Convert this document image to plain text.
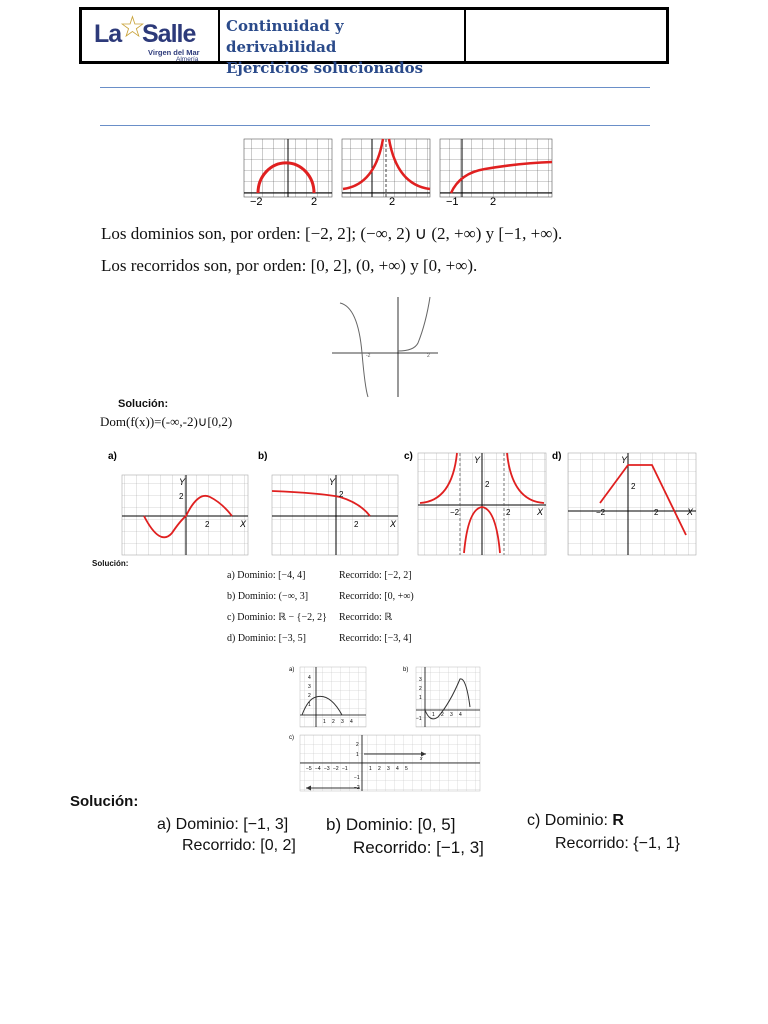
La
☆
Salle
Virgen del Mar
Almería
Continuidad y derivabilidad
Ejercicios solucionados
−2	2	2	−1	2
Los dominios son, por orden: [−2, 2]; (−∞, 2) ∪ (2, +∞) y [−1, +∞).
Los recorridos son, por orden: [0, 2], (0, +∞) y [0, +∞).
-2	2
Solución:
Dom(f(x))=(-∞,-2)∪[0,2)
a)
Y
X
2
2
b)
Y
X
2
2
c)	Y
X
−2	2
2
d)	Y
X
−2	2
2
Solución:
a) Dominio: [−4, 4]	Recorrido: [−2, 2]
b) Dominio: (−∞, 3]	Recorrido: [0, +∞)
c) Dominio: ℝ − {−2, 2} Recorrido: ℝ
d) Dominio: [−3, 5]	Recorrido: [−3, 4]
a)
4
3
2
1
1 2 3 4
b)
3
2
1
−1
1 2 3 4
c)
−5 −4 −3 −2 −1	1 2 3 4 5
2
1
−1
−2
x
Solución:
a) Dominio: [−1, 3]
Recorrido: [0, 2]
b) Dominio: [0, 5]
Recorrido: [−1, 3]
c) Dominio: R
Recorrido: {−1, 1}
